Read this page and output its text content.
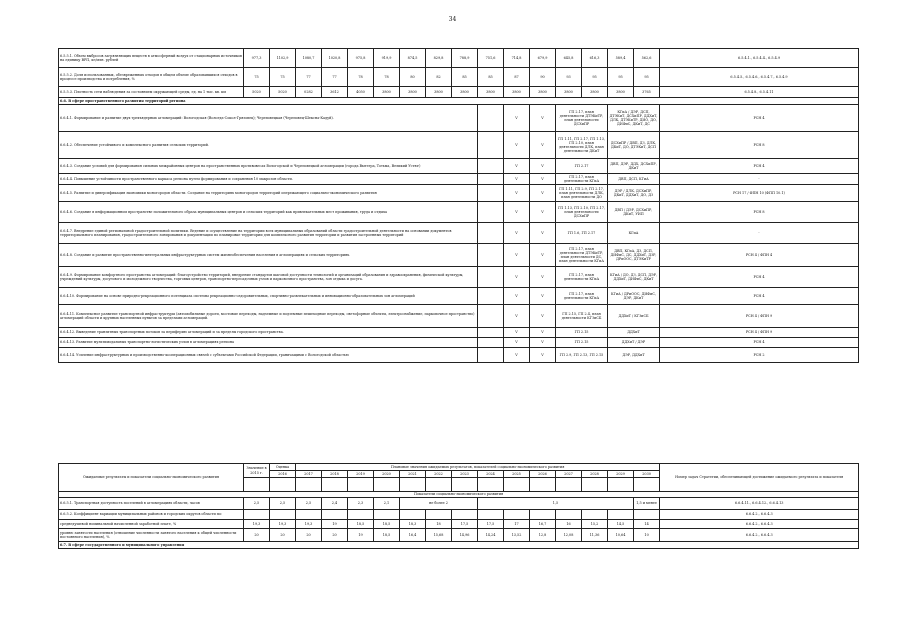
34
6.5.5.1. Объем выбросов загрязняющих веществ в атмосферный воздух от стационарных источников на единицу ВРП, кг/млн. рублей	977,3	1102,9	1080,7	1020,8	975,8	919,9	874,5	829,8	788,9	751,6	714,8	679,9	645,8	616,3	589,4	562,6	6.5.4.1., 6.5.4.4., 6.5.4.9
6.5.5.2. Доля использованных, обезвреженных отходов в общем объеме образовавшихся отходов в процессе производства и потребления, %	75	75	77	77	78	78	80	82	85	85	87	90	93	95	95	95	6.5.4.5., 6.5.4.6., 6.5.4.7., 6.5.4.9
6.5.5.3. Плотность сети наблюдения за состоянием окружающей среды, ед. на 1 тыс. кв. км	5020	5020	0282	3612	4050	3800	3800	3800	3800	3800	3800	3800	3800	3800	3800	3765	6.5.4.8., 6.5.4.11
6.6. В сфере пространственного развития территорий региона																	
6.6.4.1. Формирование и развитие двух трехъядерных агломераций: Вологодская (Вологда-Сокол-Грязовец); Череповецкая (Череповец-Шексна-Кадуй).											V	V	ГП 2.17, план деятельности ДТЭКиТР, план деятельности ДСХиПР		КГиА / ДЭР, ДСП, ДТЭКиТ, ДСХиПР, ДДХиТ, ДЛК, ДТЭКиТР, ДИО, ДО, ДИФиС, ДКиТ, ДС		РСН 4
6.6.4.2. Обеспечение устойчивого и комплексного развития сельских территорий.											V	V	ГП 1.11, ГП 2.17, ГП 1.13, ГП 2.10, план деятельности ДЛК, план деятельности ДКиТ		ДСХиПР / ДВП, ДЗ, ДЛК, ДКиТ, ДО, ДТЭКиТ, ДСП		РСН 8
6.6.4.3. Создание условий для формирования сильных межрайонных центров на пространственных противовесах Вологодской и Череповецкой агломерации (города Вытегра, Тотьма, Великий Устюг)											V	V	ГП 2.17		ДВП, ДЭР, ДДХ, ДСХиПР, ДКиТ		РСН 4
6.6.4.4. Повышение устойчивости пространственного каркаса региона путем формирования и сохранения 10 макрозон области.											V	V	ГП 2.17, план деятельности КГиА		ДВП, ДСП, КГиА		-
6.6.4.5. Развитие и диверсификация экономики моногородов области. Создание на территориях моногородов территорий опережающего социально-экономического развития											V	V	ГП 1.11, ГП 2.9, ГП 2.17, план деятельности ДЛК, план деятельности ДО		ДЭР / ДЛК, ДСХиПР, ДКиТ, ДДХиТ, ДО, ДЗ		РСН 17 / ФПН 10 (ФПП 10.1)
6.6.4.6. Создание в информационном пространстве положительного образа муниципальных центров и сельских территорий как привлекательных мест проживания, труда и отдыха											V	V	ГП 1.13, ГП 2.10, ГП 2.17, план деятельности ДСХиПР		ДВП / ДЭР, ДСХиПР, ДКиТ, УИП		РСН 8
6.6.4.7. Внедрение единой региональной градостроительной политики. Ведение и осуществление на территории всех муниципальных образований области градостроительной деятельности на основании документов территориального планирования, градостроительного зонирования и документации по планировке территории для комплексного развития территории и развития застроенных территорий											V	V	ГП 1.6, ГП 2.17		КГиА		-
6.6.4.8. Создание и развитие пространственно-интегральных инфраструктурных систем жизнеобеспечения населения в агломерациях и сельских территориях.											V	V	ГП 2.17, план деятельности ДТЭКиТР, план деятельности ДС, план деятельности КГиА		ДВП, КГиА, ДЗ, ДСП, ДИФиС, ДС, ДДХиТ, ДЗР, ДРиООС, ДТЭКиТР		РСН 4 / ФПН 4
6.6.4.9. Формирование комфортного пространства агломераций: благоустройство территорий, внедрение стандартов шаговой доступности технологий и организаций образования и здравоохранения, физической культуры, учреждений культуры, досугового и молодежного творчества, торговых центров, транспортно-пересадочных узлов и парковочного пространства, зон отдыха и досуга.											V	V	ГП 2.17, план деятельности КГиА		КГиА / ДО, ДЗ, ДСП, ДЭР, ДДХиТ, ДИФиС, ДКиТ		РСН 4
6.6.4.10. Формирование на основе природно-рекреационного потенциала системы рекреационно-оздоровительных, спортивно-развлекательных и инновационно-образовательных зон агломераций											V	V	ГП 2.17, план деятельности КГиА		КГиА / ДРиООС, ДИФиС, ДЭР, ДКиТ		РСН 4
6.6.4.11. Комплексное развитие транспортной инфраструктуры (автомобильные дороги, мостовые переходы, надземные и подземные пешеходные переходы, светофорные объекты, электроснабжение, парковочное пространство) агломераций области и крупных населенных пунктов за пределами агломераций.											V	V	ГП 2.15, ГП 2.4, план деятельности КГЗиСБ		ДДХиТ / КГЗиСБ		РСН 4 / ФПН 9
6.6.4.12. Выведение транзитных транспортных потоков за периферию агломераций и за пределы городского пространства.											V	V	ГП 2.15		ДДХиТ		РСН 4 / ФПН 9
6.6.4.13. Развитие мультимодальных транспортно-логистических узлов в агломерациях региона											V	V	ГП 2.15		ДДХиТ / ДЭР		РСН 4
6.6.4.14. Усиление инфраструктурных и производственно-кооперационных связей с субъектами Российской Федерации, граничащими с Вологодской областью											V	V	ГП 2.9, ГП 2.13, ГП 2.15		ДЭР, ДДХиТ		РСН 2
Ожидаемые результаты и показатели социально-экономического развития	Значение в 2015 г.	Оценка	Плановые значения ожидаемых результатов, показателей социально-экономического развития														Номер задач Стратегии, обеспечивающей достижение ожидаемого результата и показателя
		2016	2017	2018	2019	2020	2021	2022	2023	2024	2025	2026	2027	2028	2029	2030	

Показатели социально-экономического развития																	
6.6.5.1. Транспортная доступность поселений в агломерациях области, часов	2,5	2,5	2,5	2,4	2,3	2,1	не более 2			1,5						1,5 и менее	6.6.4.11., 6.6.4.12., 6.6.4.13
6.6.5.2. Коэффициент вариации муниципальных районов и городских округов области по:																	6.6.4.2., 6.6.4.3
среднедушевой номинальной начисленной заработной плате, %	19,3	19,3	19,3	19	18,5	18,5	18,3	18	17,5	17,5	17	16,7	16	15,2	14,5	14	6.6.4.2., 6.6.4.3
уровню занятости населения (отношение численности занятого населения к общей численности постоянного населения), %	20	20	20	20	19	18,5	16,4	15,68	14,96	14,24	13,52	12,8	12,08	11,36	10,64	10	6.6.4.2., 6.6.4.3
6.7. В сфере государственного и муниципального управления																	
